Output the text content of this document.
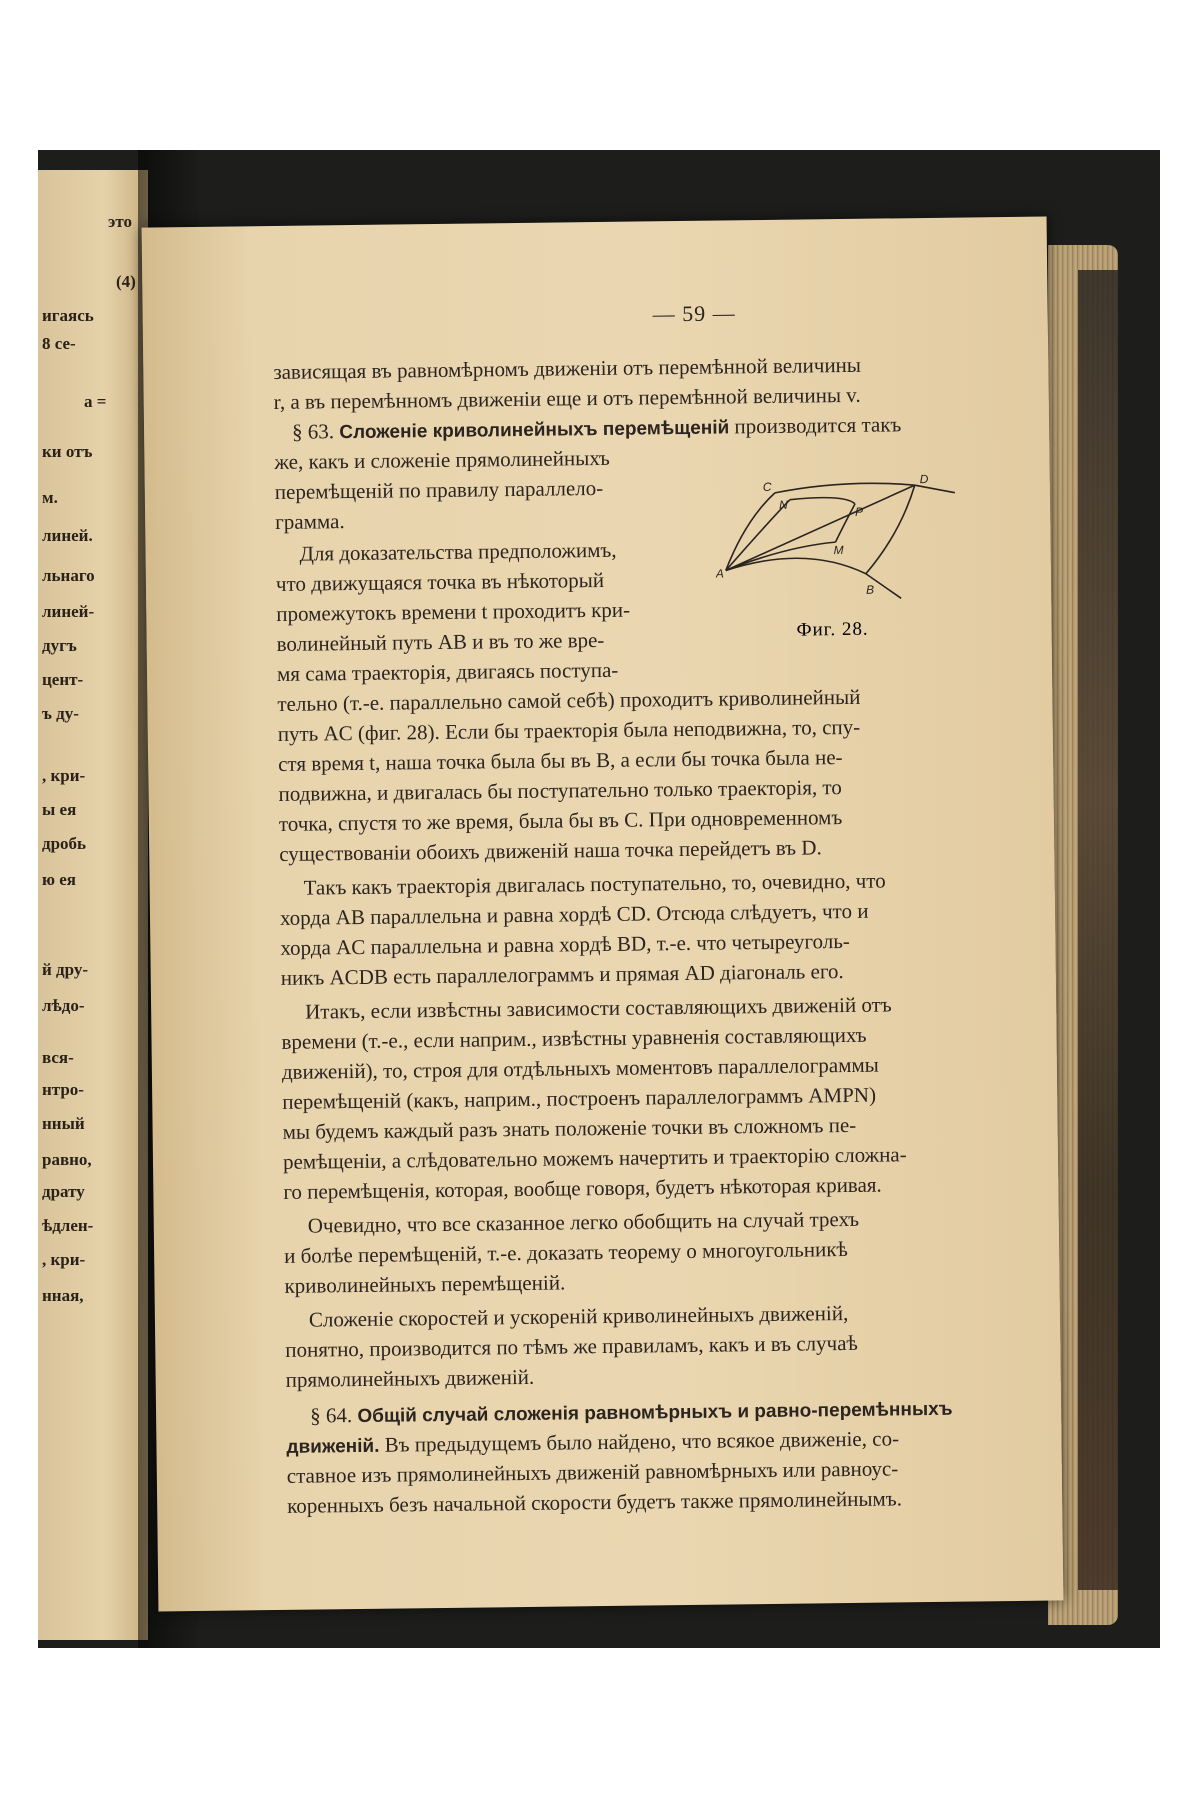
это
(4)
игаясь
8 се-
а =
ки отъ
м.
линей.
льнаго
линей-
дугъ
цент-
ъ ду-
, кри-
ы ея
дробь
ю ея
й дру-
лѣдо-
вся-
нтро-
нный
равно,
драту
ѣдлен-
, кри-
нная,
— 59 —
зависящая въ равномѣрномъ движенiи отъ перемѣнной величины
r, а въ перемѣнномъ движенiи еще и отъ перемѣнной величины v.
§ 63. Сложенiе криволинейныхъ перемѣщенiй производится такъ
же, какъ и сложенiе прямолинейныхъ
перемѣщенiй по правилу параллело-
грамма.
Для доказательства предположимъ,
что движущаяся точка въ нѣкоторый
промежутокъ времени t проходитъ кри-
волинейный путь AB и въ то же вре-
мя сама траекторiя, двигаясь поступа-
тельно (т.-е. параллельно самой себѣ) проходитъ криволинейный
путь AC (фиг. 28). Если бы траекторiя была неподвижна, то, спу-
стя время t, наша точка была бы въ B, а если бы точка была не-
подвижна, и двигалась бы поступательно только траекторiя, то
точка, спустя то же время, была бы въ C. При одновременномъ
существованiи обоихъ движенiй наша точка перейдетъ въ D.
Такъ какъ траекторiя двигалась поступательно, то, очевидно, что
хорда AB параллельна и равна хордѣ CD. Отсюда слѣдуетъ, что и
хорда AC параллельна и равна хордѣ BD, т.-е. что четыреуголь-
никъ ACDB есть параллелограммъ и прямая AD дiагональ его.
Итакъ, если извѣстны зависимости составляющихъ движенiй отъ
времени (т.-е., если наприм., извѣстны уравненiя составляющихъ
движенiй), то, строя для отдѣльныхъ моментовъ параллелограммы
перемѣщенiй (какъ, наприм., построенъ параллелограммъ AMPN)
мы будемъ каждый разъ знать положенiе точки въ сложномъ пе-
ремѣщенiи, а слѣдовательно можемъ начертить и траекторiю сложна-
го перемѣщенiя, которая, вообще говоря, будетъ нѣкоторая кривая.
Очевидно, что все сказанное легко обобщить на случай трехъ
и болѣе перемѣщенiй, т.-е. доказать теорему о многоугольникѣ
криволинейныхъ перемѣщенiй.
Сложенiе скоростей и ускоренiй криволинейныхъ движенiй,
понятно, производится по тѣмъ же правиламъ, какъ и въ случаѣ
прямолинейныхъ движенiй.
§ 64. Общiй случай сложенiя равномѣрныхъ и равно-перемѣнныхъ
движенiй. Въ предыдущемъ было найдено, что всякое движенiе, со-
ставное изъ прямолинейныхъ движенiй равномѣрныхъ или равноус-
коренныхъ безъ начальной скорости будетъ также прямолинейнымъ.
A
B
C
D
N
P
M
Фиг. 28.
